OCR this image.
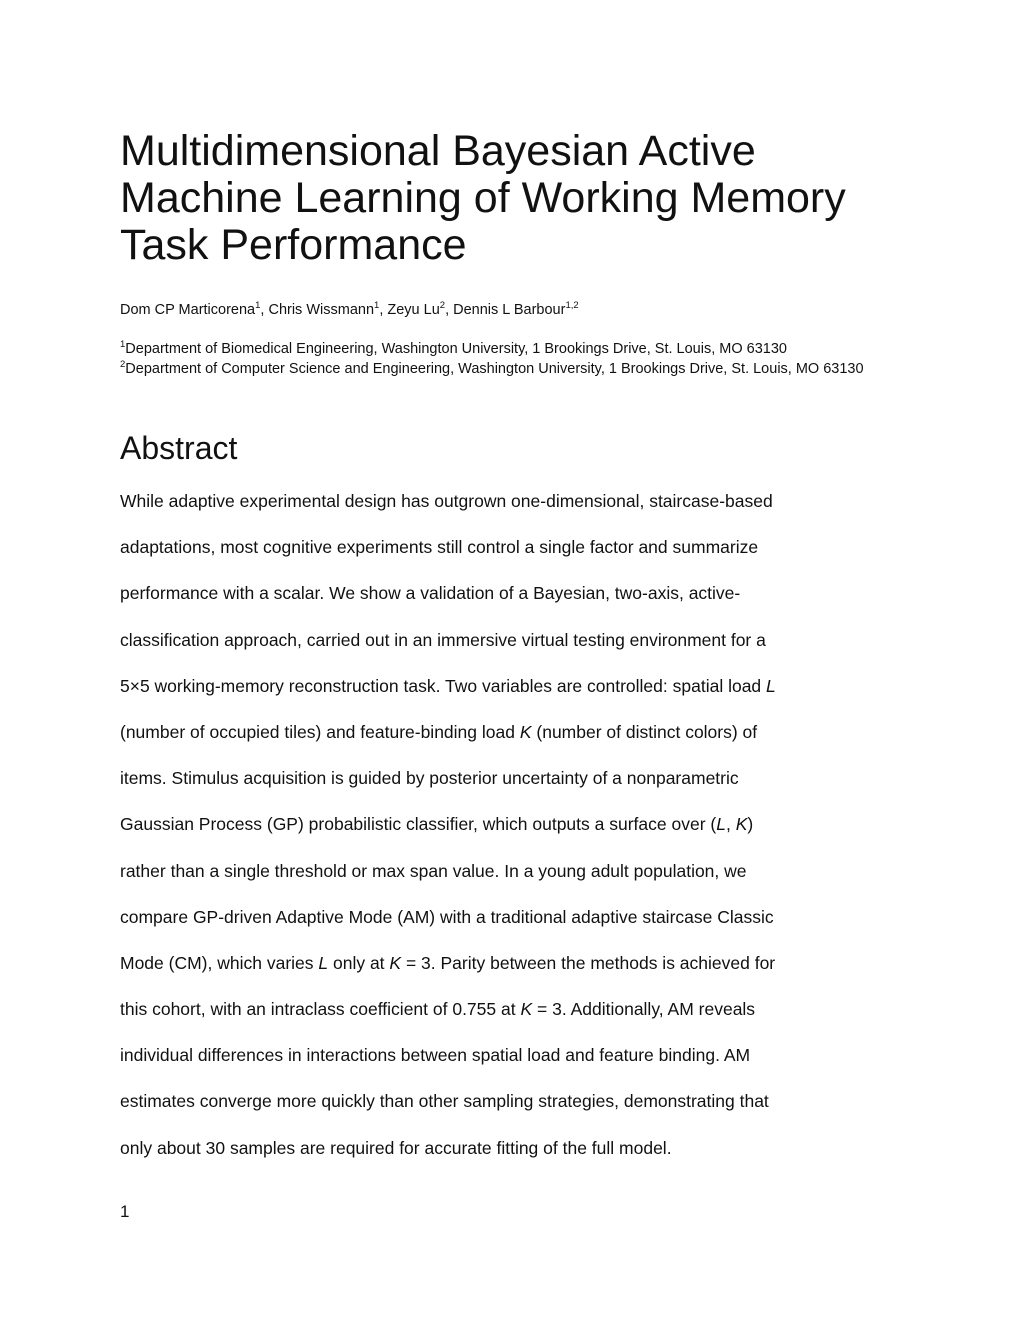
Multidimensional Bayesian Active
Machine Learning of Working Memory
Task Performance
Dom CP Marticorena$^1$, Chris Wissmann$^1$, Zeyu Lu$^2$, Dennis L Barbour$^{1,2}$

$^1$Department of Biomedical Engineering, Washington University, 1 Brookings Drive, St. Louis, MO 63130

$^2$Department of Computer Science and Engineering, Washington University, 1 Brookings Drive, St. Louis, MO 63130

Abstract
While adaptive experimental design has outgrown one-dimensional, staircase-based
adaptations, most cognitive experiments still control a single factor and summarize
performance with a scalar. We show a validation of a Bayesian, two-axis, active-
classification approach, carried out in an immersive virtual testing environment for a
5×5 working-memory reconstruction task. Two variables are controlled: spatial load L
(number of occupied tiles) and feature-binding load K (number of distinct colors) of
items. Stimulus acquisition is guided by posterior uncertainty of a nonparametric
Gaussian Process (GP) probabilistic classifier, which outputs a surface over (L, K)
rather than a single threshold or max span value. In a young adult population, we
compare GP-driven Adaptive Mode (AM) with a traditional adaptive staircase Classic
Mode (CM), which varies L only at K = 3. Parity between the methods is achieved for
this cohort, with an intraclass coefficient of 0.755 at K = 3. Additionally, AM reveals
individual differences in interactions between spatial load and feature binding. AM
estimates converge more quickly than other sampling strategies, demonstrating that
only about 30 samples are required for accurate fitting of the full model.
1
